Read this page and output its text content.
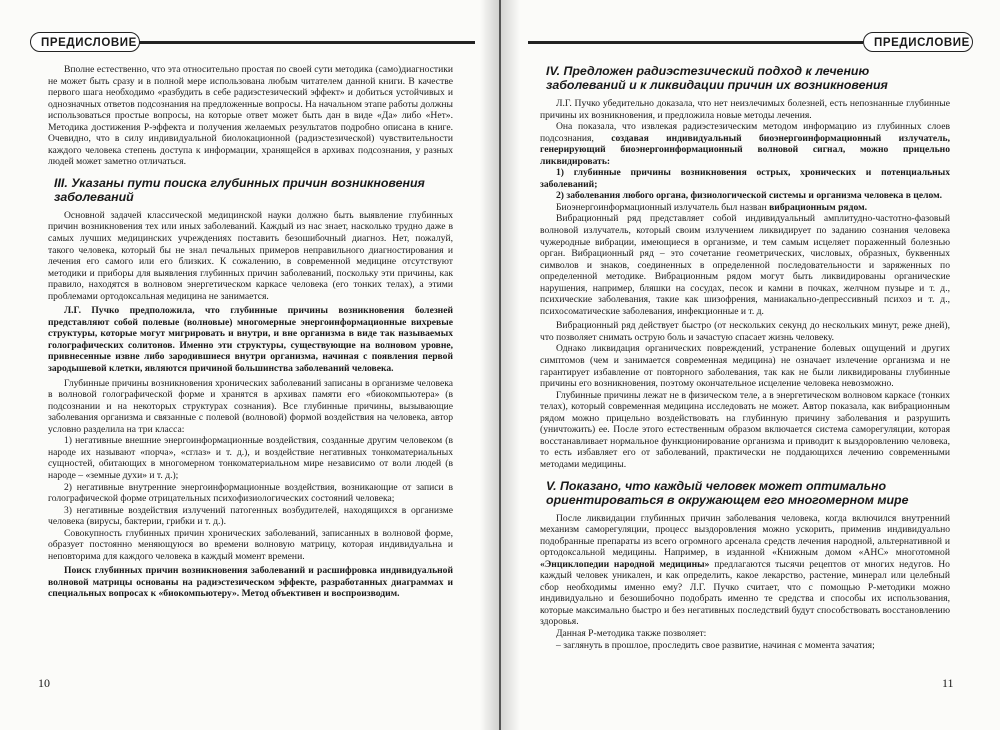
ПРЕДИСЛОВИЕ

Вполне естественно, что эта относительно простая по своей сути методика (само)диагностики не может быть сразу и в полной мере использована любым читателем данной книги. В качестве первого шага необходимо «разбудить в себе радиэстезический эффект» и добиться устойчивых и однозначных ответов подсознания на предложенные вопросы. На начальном этапе работы должны использоваться простые вопросы, на которые ответ может быть дан в виде «Да» либо «Нет». Методика достижения Р-эффекта и получения желаемых результатов подробно описана в книге. Очевидно, что в силу индивидуальной биолокационной (радиэстезической) чувствительности каждого человека степень доступа к информации, хранящейся в архивах подсознания, у разных людей может заметно отличаться.

III. Указаны пути поиска глубинных причин возникновения заболеваний

Основной задачей классической медицинской науки должно быть выявление глубинных причин возникновения тех или иных заболеваний. Каждый из нас знает, насколько трудно даже в самых лучших медицинских учреждениях поставить безошибочный диагноз. Нет, пожалуй, такого человека, который бы не знал печальных примеров неправильного диагностирования и лечения его самого или его близких. К сожалению, в современной медицине отсутствуют методики и приборы для выявления глубинных причин заболеваний, поскольку эти причины, как правило, находятся в волновом энергетическом каркасе человека (его тонких телах), а этими проблемами ортодоксальная медицина не занимается.

Л.Г. Пучко предположила, что глубинные причины возникновения болезней представляют собой полевые (волновые) многомерные энергоинформационные вихревые структуры, которые могут мигрировать и внутри, и вне организма в виде так называемых голографических солитонов. Именно эти структуры, существующие на волновом уровне, привнесенные извне либо зародившиеся внутри организма, начиная с появления первой зародышевой клетки, являются причиной большинства заболеваний человека.

Глубинные причины возникновения хронических заболеваний записаны в организме человека в волновой голографической форме и хранятся в архивах памяти его «биокомпьютера» (в подсознании и на некоторых структурах сознания). Все глубинные причины, вызывающие заболевания организма и связанные с полевой (волновой) формой воздействия на человека, автор условно разделила на три класса:

1) негативные внешние энергоинформационные воздействия, созданные другим человеком (в народе их называют «порча», «сглаз» и т. д.), и воздействие негативных тонкоматериальных сущностей, обитающих в многомерном тонкоматериальном мире независимо от воли людей (в народе – «земные духи» и т. д.);

2) негативные внутренние энергоинформационные воздействия, возникающие от записи в голографической форме отрицательных психофизиологических состояний человека;

3) негативные воздействия излучений патогенных возбудителей, находящихся в организме человека (вирусы, бактерии, грибки и т. д.).

Совокупность глубинных причин хронических заболеваний, записанных в волновой форме, образует постоянно меняющуюся во времени волновую матрицу, которая индивидуальна и неповторима для каждого человека в каждый момент времени.

Поиск глубинных причин возникновения заболеваний и расшифровка индивидуальной волновой матрицы основаны на радиэстезическом эффекте, разработанных диаграммах и специальных вопросах к «биокомпьютеру». Метод объективен и воспроизводим.

10
ПРЕДИСЛОВИЕ
IV. Предложен радиэстезический подход к лечению заболеваний и к ликвидации причин их возникновения

Л.Г. Пучко убедительно доказала, что нет неизлечимых болезней, есть непознанные глубинные причины их возникновения, и предложила новые методы лечения.

Она показала, что извлекая радиэстезическим методом информацию из глубинных слоев подсознания, создавая индивидуальный биоэнергоинформационный излучатель, генерирующий биоэнергоинформационный волновой сигнал, можно прицельно ликвидировать:

1) глубинные причины возникновения острых, хронических и потенциальных заболеваний;

2) заболевания любого органа, физиологической системы и организма человека в целом.

Биоэнергоинформационный излучатель был назван вибрационным рядом.

Вибрационный ряд представляет собой индивидуальный амплитудно-частотно-фазовый волновой излучатель, который своим излучением ликвидирует по заданию сознания человека чужеродные вибрации, имеющиеся в организме, и тем самым исцеляет пораженный болезнью орган. Вибрационный ряд – это сочетание геометрических, числовых, образных, буквенных символов и знаков, соединенных в определенной последовательности и заряженных по определенной методике. Вибрационным рядом могут быть ликвидированы органические нарушения, например, бляшки на сосудах, песок и камни в почках, желчном пузыре и т. д., психические заболевания, такие как шизофрения, маниакально-депрессивный психоз и т. д., психосоматические заболевания, инфекционные и т. д.

Вибрационный ряд действует быстро (от нескольких секунд до нескольких минут, реже дней), что позволяет снимать острую боль и зачастую спасает жизнь человеку.

Однако ликвидация органических повреждений, устранение болевых ощущений и других симптомов (чем и занимается современная медицина) не означает излечение организма и не гарантирует избавление от повторного заболевания, так как не были ликвидированы глубинные причины его возникновения, поэтому окончательное исцеление человека невозможно.

Глубинные причины лежат не в физическом теле, а в энергетическом волновом каркасе (тонких телах), который современная медицина исследовать не может. Автор показала, как вибрационным рядом можно прицельно воздействовать на глубинную причину заболевания и разрушить (уничтожить) ее. После этого естественным образом включается система саморегуляции, которая восстанавливает нормальное функционирование организма и приводит к выздоровлению человека, то есть избавляет его от заболеваний, практически не поддающихся лечению современными методами медицины.

V. Показано, что каждый человек может оптимально ориентироваться в окружающем его многомерном мире

После ликвидации глубинных причин заболевания человека, когда включился внутренний механизм саморегуляции, процесс выздоровления можно ускорить, применив индивидуально подобранные препараты из всего огромного арсенала средств лечения народной, альтернативной и ортодоксальной медицины. Например, в изданной «Книжным домом «АНС» многотомной «Энциклопедии народной медицины» предлагаются тысячи рецептов от многих недугов. Но каждый человек уникален, и как определить, какое лекарство, растение, минерал или целебный сбор необходимы именно ему? Л.Г. Пучко считает, что с помощью Р-методики можно индивидуально и безошибочно подобрать именно те средства и способы их использования, которые максимально быстро и без негативных последствий будут способствовать восстановлению здоровья.

Данная Р-методика также позволяет:

– заглянуть в прошлое, проследить свое развитие, начиная с момента зачатия;

11
